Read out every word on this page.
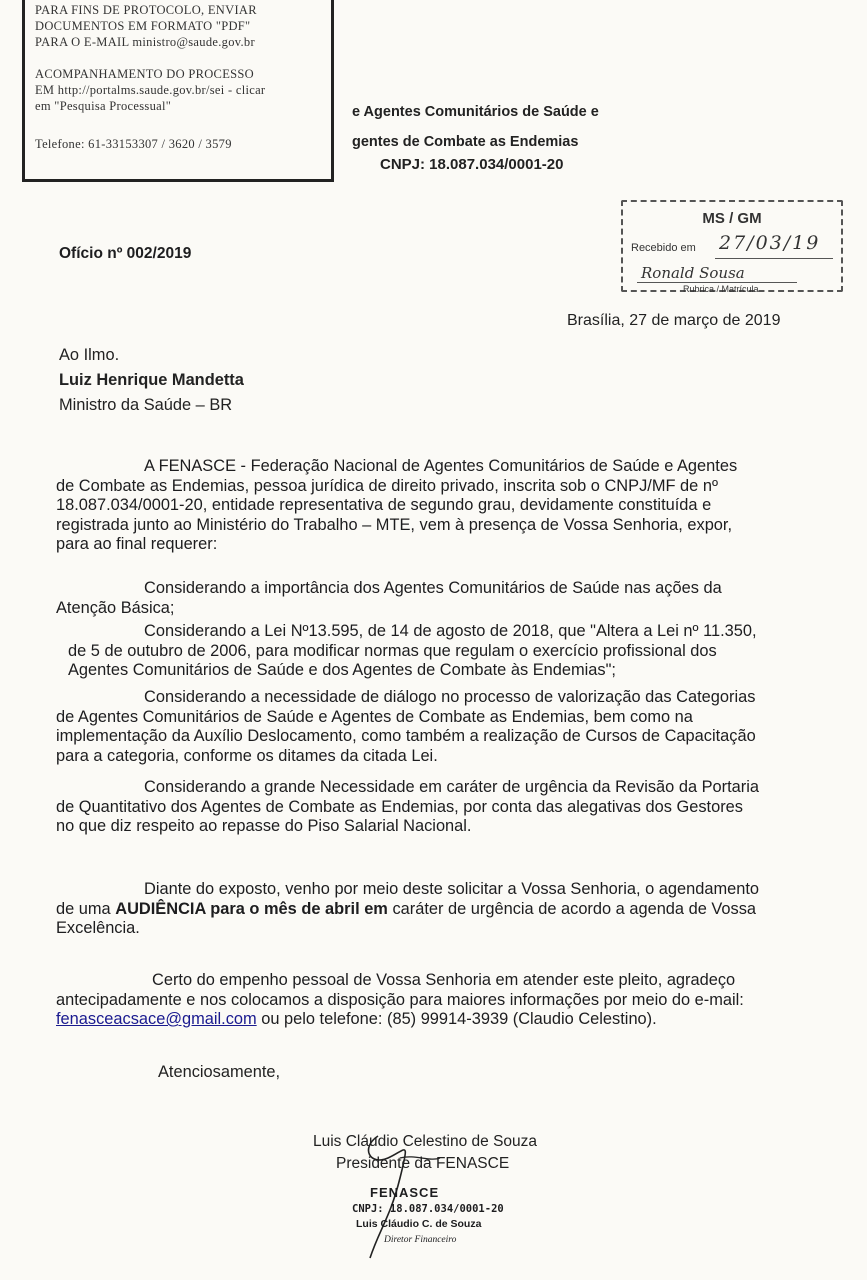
PARA FINS DE PROTOCOLO, ENVIAR
DOCUMENTOS EM FORMATO "PDF"
PARA O E-MAIL ministro@saude.gov.br
ACOMPANHAMENTO DO PROCESSO
EM http://portalms.saude.gov.br/sei - clicar
em "Pesquisa Processual"
Telefone: 61-33153307 / 3620 / 3579
e Agentes Comunitários de Saúde e
gentes de Combate as Endemias
CNPJ: 18.087.034/0001-20
MS / GM
Recebido em 27/03/19
Ronald Sousa
Rubrica / Matrícula
Ofício nº 002/2019
Brasília, 27 de março de 2019
Ao Ilmo.
Luiz Henrique Mandetta
Ministro da Saúde – BR
A FENASCE - Federação Nacional de Agentes Comunitários de Saúde e Agentes
de Combate as Endemias, pessoa jurídica de direito privado, inscrita sob o CNPJ/MF de nº
18.087.034/0001-20, entidade representativa de segundo grau, devidamente constituída e
registrada junto ao Ministério do Trabalho – MTE, vem à presença de Vossa Senhoria, expor,
para ao final requerer:
Considerando a importância dos Agentes Comunitários de Saúde nas ações da
Atenção Básica;
Considerando a Lei Nº13.595, de 14 de agosto de 2018, que "Altera a Lei nº 11.350,
de 5 de outubro de 2006, para modificar normas que regulam o exercício profissional dos
Agentes Comunitários de Saúde e dos Agentes de Combate às Endemias";
Considerando a necessidade de diálogo no processo de valorização das Categorias
de Agentes Comunitários de Saúde e Agentes de Combate as Endemias, bem como na
implementação da Auxílio Deslocamento, como também a realização de Cursos de Capacitação
para a categoria, conforme os ditames da citada Lei.
Considerando a grande Necessidade em caráter de urgência da Revisão da Portaria
de Quantitativo dos Agentes de Combate as Endemias, por conta das alegativas dos Gestores
no que diz respeito ao repasse do Piso Salarial Nacional.
Diante do exposto, venho por meio deste solicitar a Vossa Senhoria, o agendamento
de uma AUDIÊNCIA para o mês de abril em caráter de urgência de acordo a agenda de Vossa
Excelência.
Certo do empenho pessoal de Vossa Senhoria em atender este pleito, agradeço
antecipadamente e nos colocamos a disposição para maiores informações por meio do e-mail:
fenasceacsace@gmail.com ou pelo telefone: (85) 99914-3939 (Claudio Celestino).
Atenciosamente,
Luis Cláudio Celestino de Souza
Presidente da FENASCE
FENASCE
CNPJ: 18.087.034/0001-20
Luis Cláudio C. de Souza
Diretor Financeiro
